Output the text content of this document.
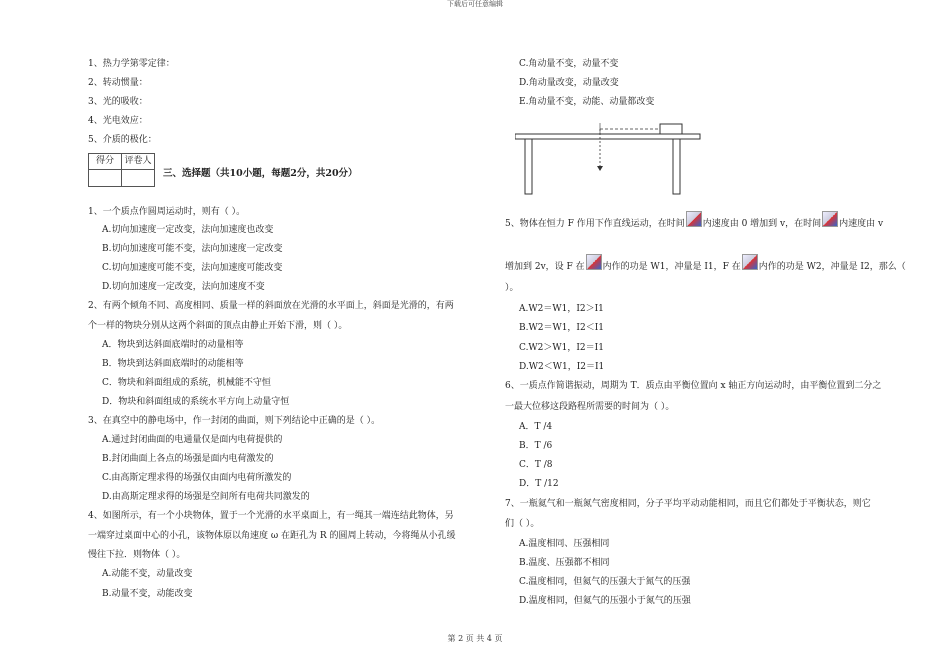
下载后可任意编辑
1、热力学第零定律：
2、转动惯量：
3、光的吸收：
4、光电效应：
5、介质的极化：
得分	评卷人

三、选择题（共10小题，每题2分，共20分）
1、一个质点作圆周运动时，则有（ ）。
A.切向加速度一定改变，法向加速度也改变
B.切向加速度可能不变，法向加速度一定改变
C.切向加速度可能不变，法向加速度可能改变
D.切向加速度一定改变，法向加速度不变
2、有两个倾角不同、高度相同、质量一样的斜面放在光滑的水平面上，斜面是光滑的，有两
个一样的物块分别从这两个斜面的顶点由静止开始下滑，则（ ）。
A．物块到达斜面底端时的动量相等
B．物块到达斜面底端时的动能相等
C．物块和斜面组成的系统，机械能不守恒
D．物块和斜面组成的系统水平方向上动量守恒
3、在真空中的静电场中，作一封闭的曲面，则下列结论中正确的是（ ）。
A.通过封闭曲面的电通量仅是面内电荷提供的
B.封闭曲面上各点的场强是面内电荷激发的
C.由高斯定理求得的场强仅由面内电荷所激发的
D.由高斯定理求得的场强是空间所有电荷共同激发的
4、如图所示，有一个小块物体，置于一个光滑的水平桌面上，有一绳其一端连结此物体，另
一端穿过桌面中心的小孔，该物体原以角速度 ω 在距孔为 R 的圆周上转动，今将绳从小孔缓
慢往下拉．则物体（ ）。
A.动能不变，动量改变
B.动量不变，动能改变
C.角动量不变，动量不变
D.角动量改变，动量改变
E.角动量不变，动能、动量都改变
5、物体在恒力 F 作用下作直线运动，在时间 内速度由 0 增加到 v，在时间 内速度由 v
增加到 2v，设 F 在 内作的功是 W1，冲量是 I1，F 在 内作的功是 W2，冲量是 I2，那么（
）。
A.W2＝W1，I2＞I1
B.W2＝W1，I2＜I1
C.W2＞W1，I2＝I1
D.W2＜W1，I2＝I1
6、一质点作简谐振动，周期为 T．质点由平衡位置向 x 轴正方向运动时，由平衡位置到二分之
一最大位移这段路程所需要的时间为（ ）。
A．T /4
B．T /6
C．T /8
D．T /12
7、一瓶氦气和一瓶氮气密度相同，分子平均平动动能相同，而且它们都处于平衡状态，则它
们（ ）。
A.温度相同、压强相同
B.温度、压强都不相同
C.温度相同，但氦气的压强大于氮气的压强
D.温度相同，但氦气的压强小于氮气的压强
第 2 页 共 4 页
